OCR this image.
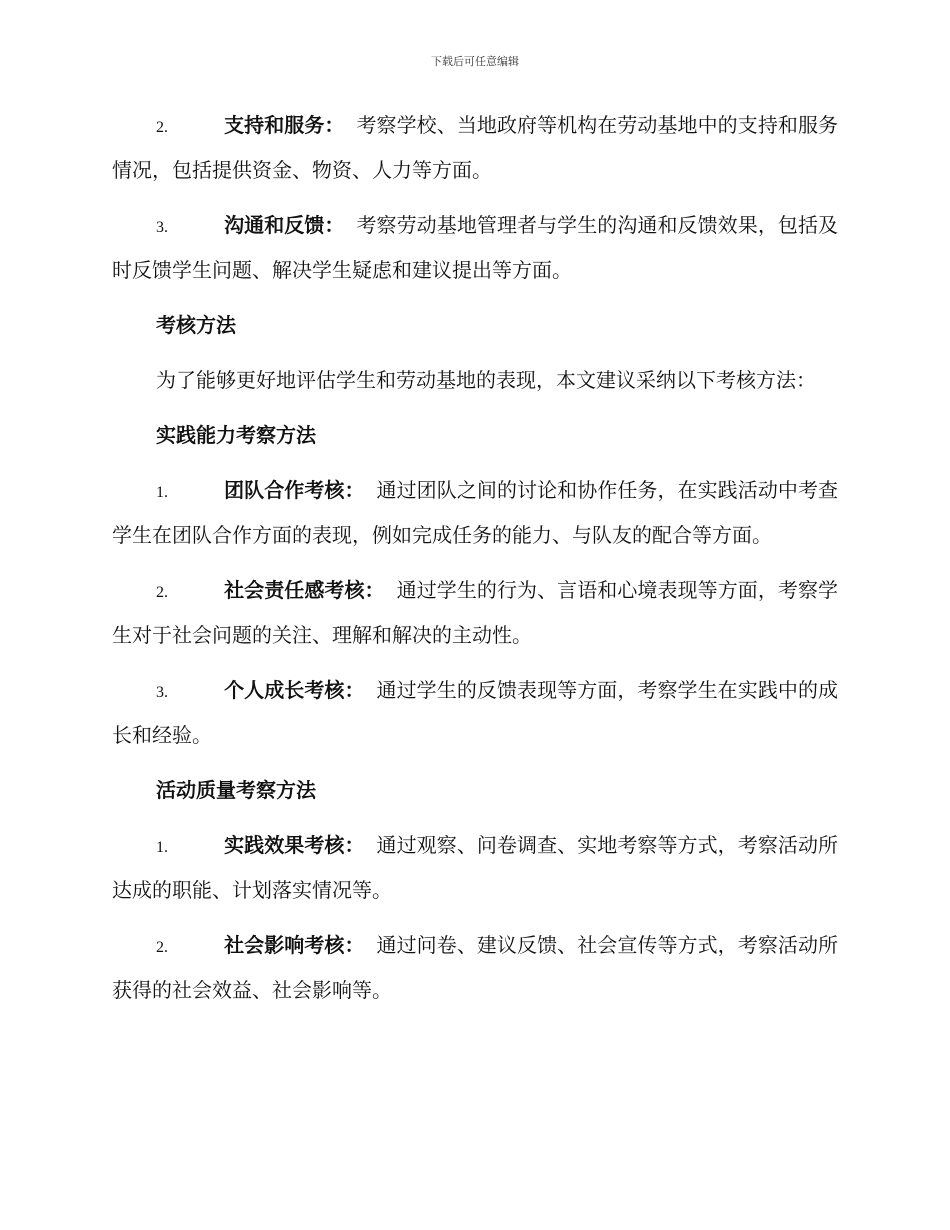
下载后可任意编辑

2.	支持和服务： 考察学校、当地政府等机构在劳动基地中的支持和服务情况，包括提供资金、物资、人力等方面。

3.	沟通和反馈： 考察劳动基地管理者与学生的沟通和反馈效果，包括及时反馈学生问题、解决学生疑虑和建议提出等方面。

考核方法

为了能够更好地评估学生和劳动基地的表现，本文建议采纳以下考核方法：

实践能力考察方法

1.	团队合作考核： 通过团队之间的讨论和协作任务，在实践活动中考查学生在团队合作方面的表现，例如完成任务的能力、与队友的配合等方面。

2.	社会责任感考核： 通过学生的行为、言语和心境表现等方面，考察学生对于社会问题的关注、理解和解决的主动性。

3.	个人成长考核： 通过学生的反馈表现等方面，考察学生在实践中的成长和经验。

活动质量考察方法

1.	实践效果考核： 通过观察、问卷调查、实地考察等方式，考察活动所达成的职能、计划落实情况等。

2.	社会影响考核： 通过问卷、建议反馈、社会宣传等方式，考察活动所获得的社会效益、社会影响等。
